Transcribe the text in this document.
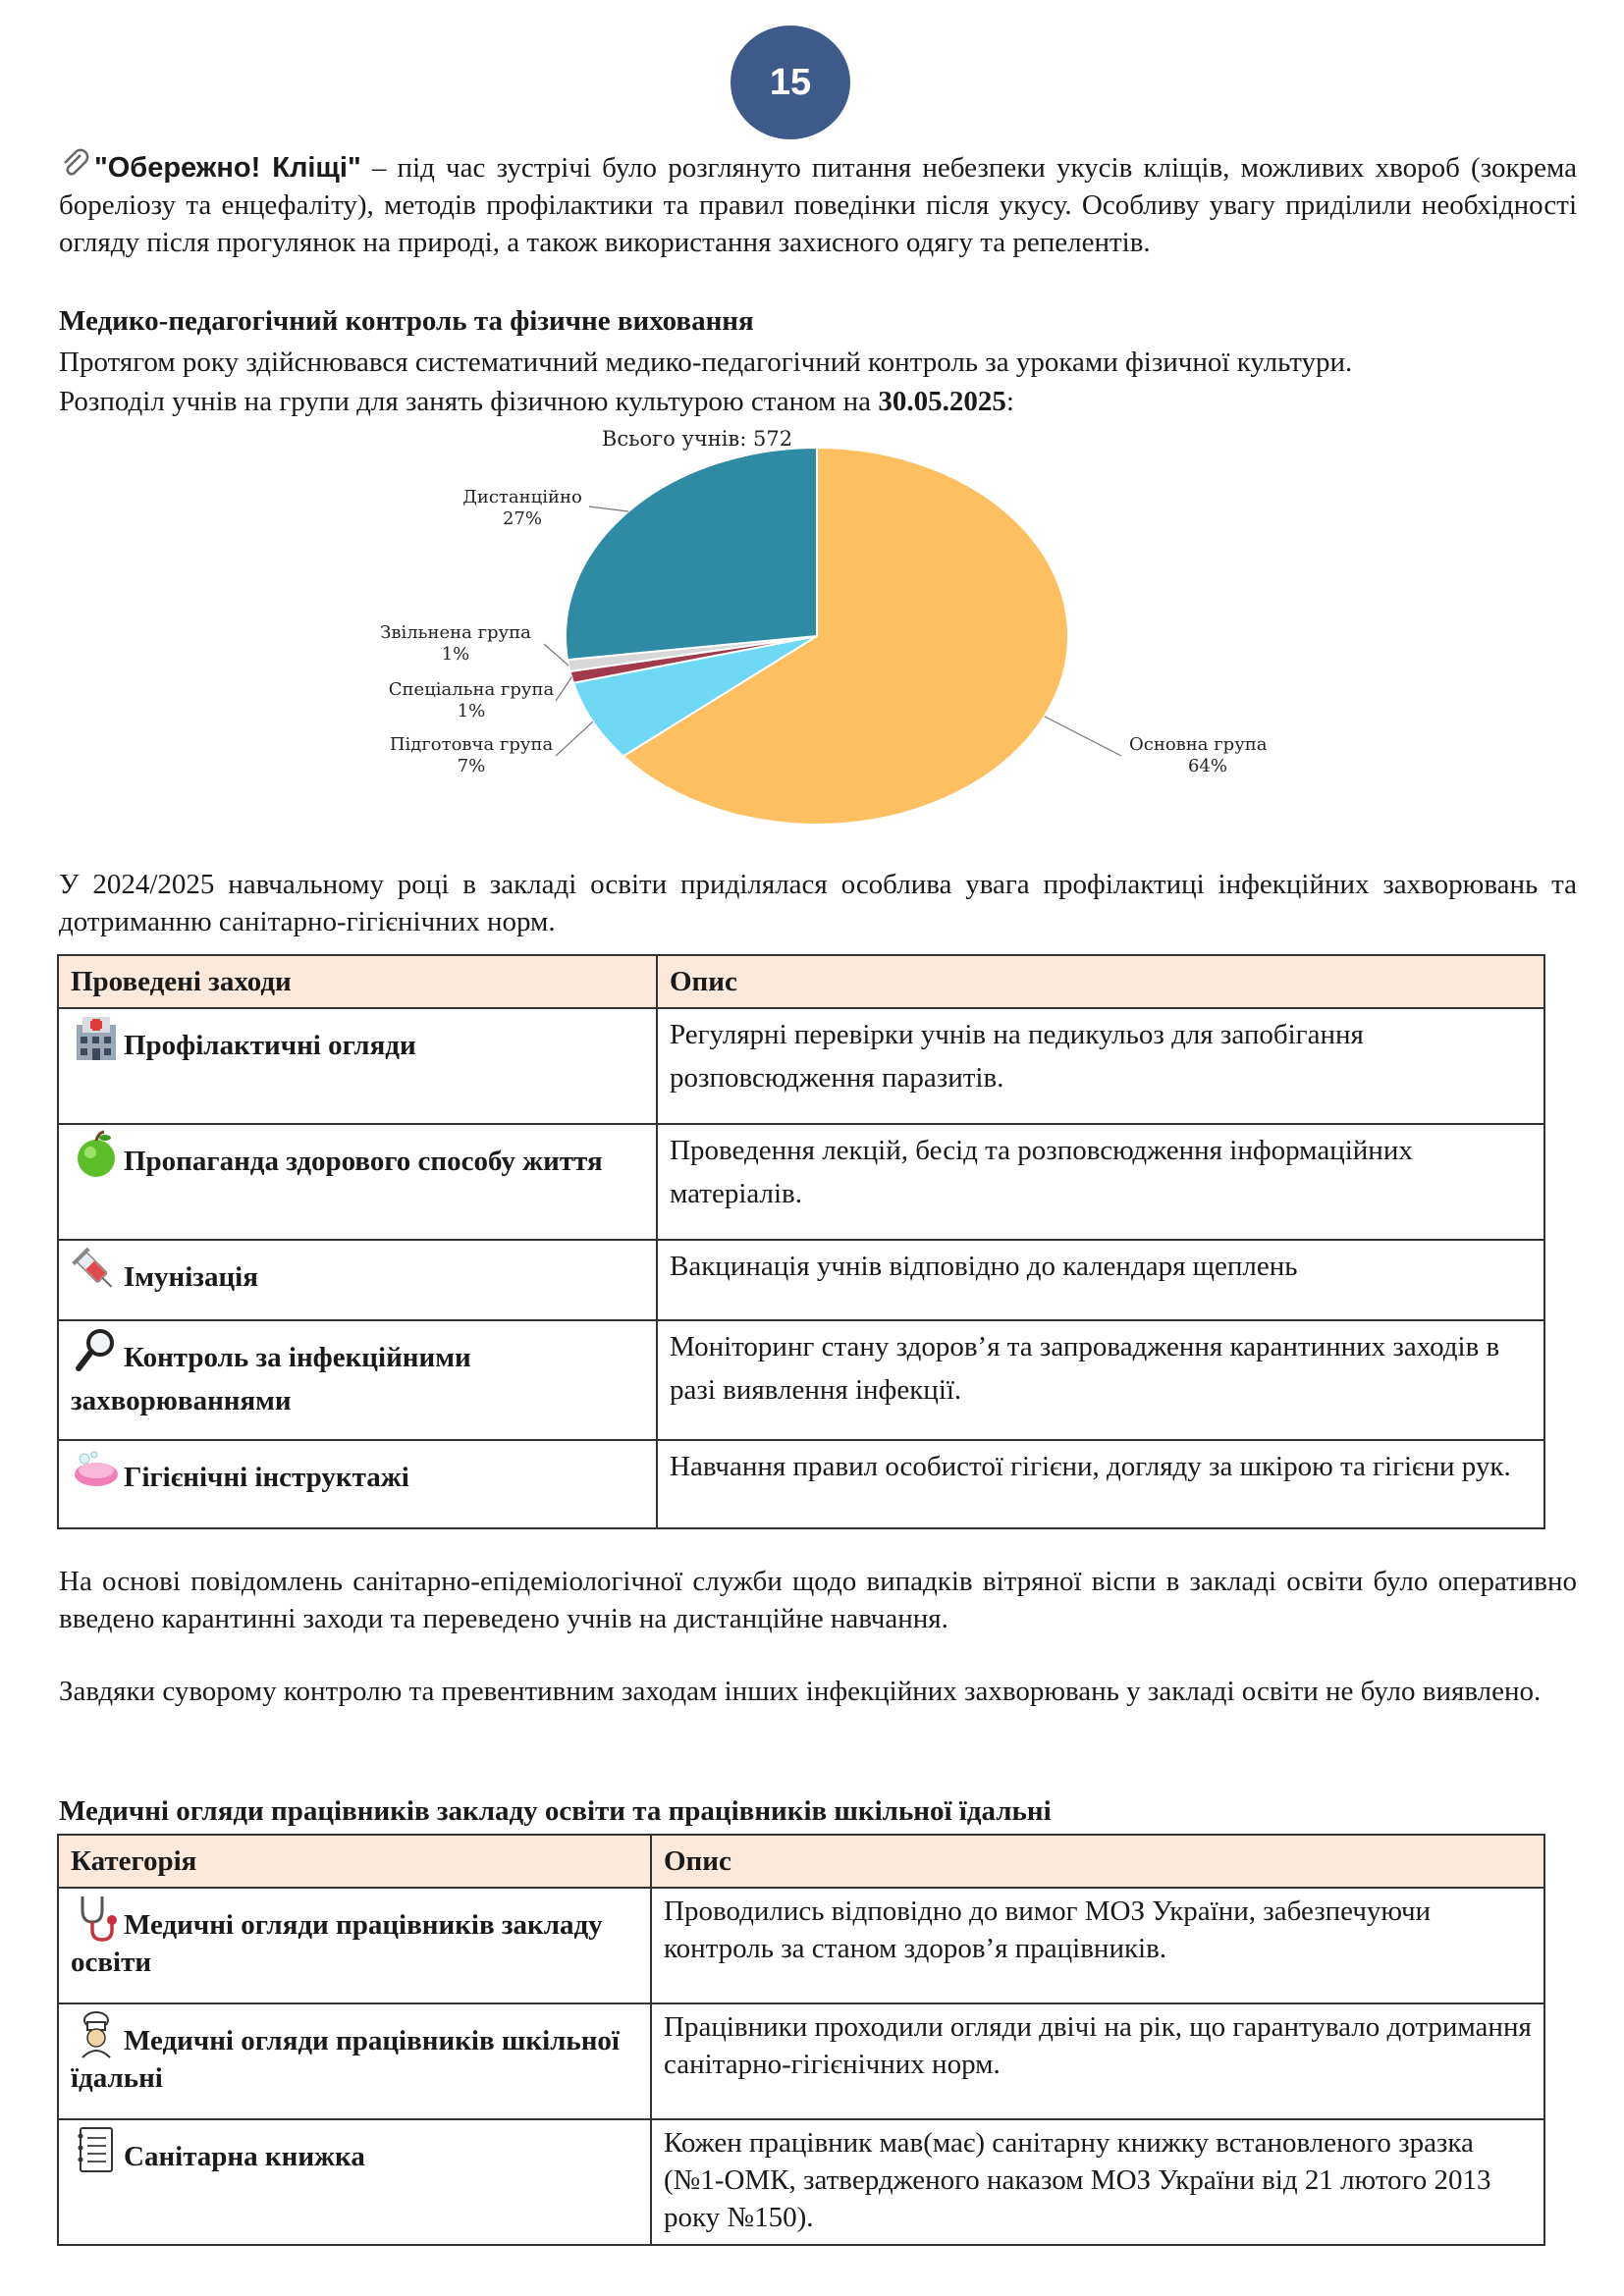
15

"Обережно! Кліщі" – під час зустрічі було розглянуто питання небезпеки укусів кліщів, можливих хвороб (зокрема бореліозу та енцефаліту), методів профілактики та правил поведінки після укусу. Особливу увагу приділили необхідності огляду після прогулянок на природі, а також використання захисного одягу та репелентів.

Медико-педагогічний контроль та фізичне виховання

Протягом року здійснювався систематичний медико-педагогічний контроль за уроками фізичної культури.

Розподіл учнів на групи для занять фізичною культурою станом на 30.05.2025:

Всього учнів: 572
Основна група
64%
Підготовча група
7%
Спеціальна група
1%
Звільнена група
1%
Дистанційно
27%

У 2024/2025 навчальному році в закладі освіти приділялася особлива увага профілактиці інфекційних захворювань та дотриманню санітарно-гігієнічних норм.

Проведені заходи	Опис
Профілактичні огляди	Регулярні перевірки учнів на педикульоз для запобігання розповсюдження паразитів.
Пропаганда здорового способу життя	Проведення лекцій, бесід та розповсюдження інформаційних матеріалів.
Імунізація	Вакцинація учнів відповідно до календаря щеплень
Контроль за інфекційними захворюваннями	Моніторинг стану здоров’я та запровадження карантинних заходів в разі виявлення інфекції.
Гігієнічні інструктажі	Навчання правил особистої гігієни, догляду за шкірою та гігієни рук.

На основі повідомлень санітарно-епідеміологічної служби щодо випадків вітряної віспи в закладі освіти було оперативно введено карантинні заходи та переведено учнів на дистанційне навчання.

Завдяки суворому контролю та превентивним заходам інших інфекційних захворювань у закладі освіти не було виявлено.

Медичні огляди працівників закладу освіти та працівників шкільної їдальні

Категорія	Опис
Медичні огляди працівників закладу освіти	Проводились відповідно до вимог МОЗ України, забезпечуючи контроль за станом здоров’я працівників.
Медичні огляди працівників шкільної їдальні	Працівники проходили огляди двічі на рік, що гарантувало дотримання санітарно-гігієнічних норм.
Санітарна книжка	Кожен працівник мав(має) санітарну книжку встановленого зразка (№1-ОМК, затвердженого наказом МОЗ України від 21 лютого 2013 року №150).
